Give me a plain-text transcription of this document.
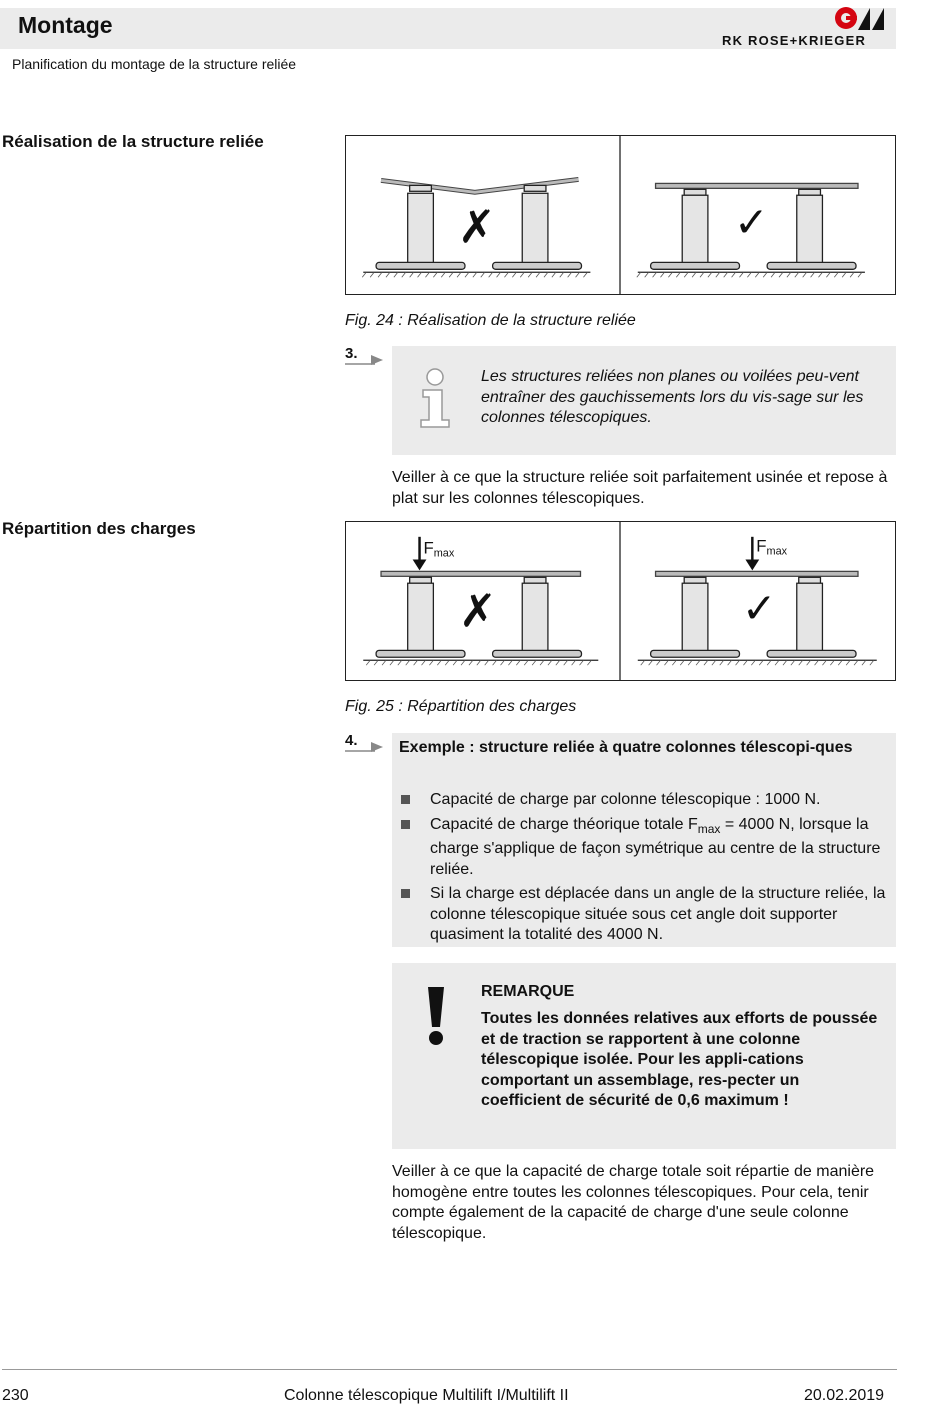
Montage
Planification du montage de la structure reliée
RK ROSE+KRIEGER
Réalisation de la structure reliée
✗	✓
Fig. 24 : Réalisation de la structure reliée
3.
Les structures reliées non planes ou voilées peu-vent entraîner des gauchissements lors du vis-sage sur les colonnes télescopiques.
Veiller à ce que la structure reliée soit parfaitement usinée et repose à plat sur les colonnes télescopiques.
Répartition des charges
Fmax	Fmax
✗	✓
Fig. 25 : Répartition des charges
4.	Exemple : structure reliée à quatre colonnes télescopi-ques
Capacité de charge par colonne télescopique : 1000 N.
Capacité de charge théorique totale $F_{max} = 4000$ N, lorsque la charge s'applique de façon symétrique au centre de la structure reliée.
Si la charge est déplacée dans un angle de la structure reliée, la colonne télescopique située sous cet angle doit supporter quasiment la totalité des 4000 N.
REMARQUE
Toutes les données relatives aux efforts de poussée et de traction se rapportent à une colonne télescopique isolée. Pour les appli-cations comportant un assemblage, res-pecter un coefficient de sécurité de 0,6 maximum !
Veiller à ce que la capacité de charge totale soit répartie de manière homogène entre toutes les colonnes télescopiques. Pour cela, tenir compte également de la capacité de charge d'une seule colonne télescopique.
230	Colonne télescopique Multilift I/Multilift II	20.02.2019
